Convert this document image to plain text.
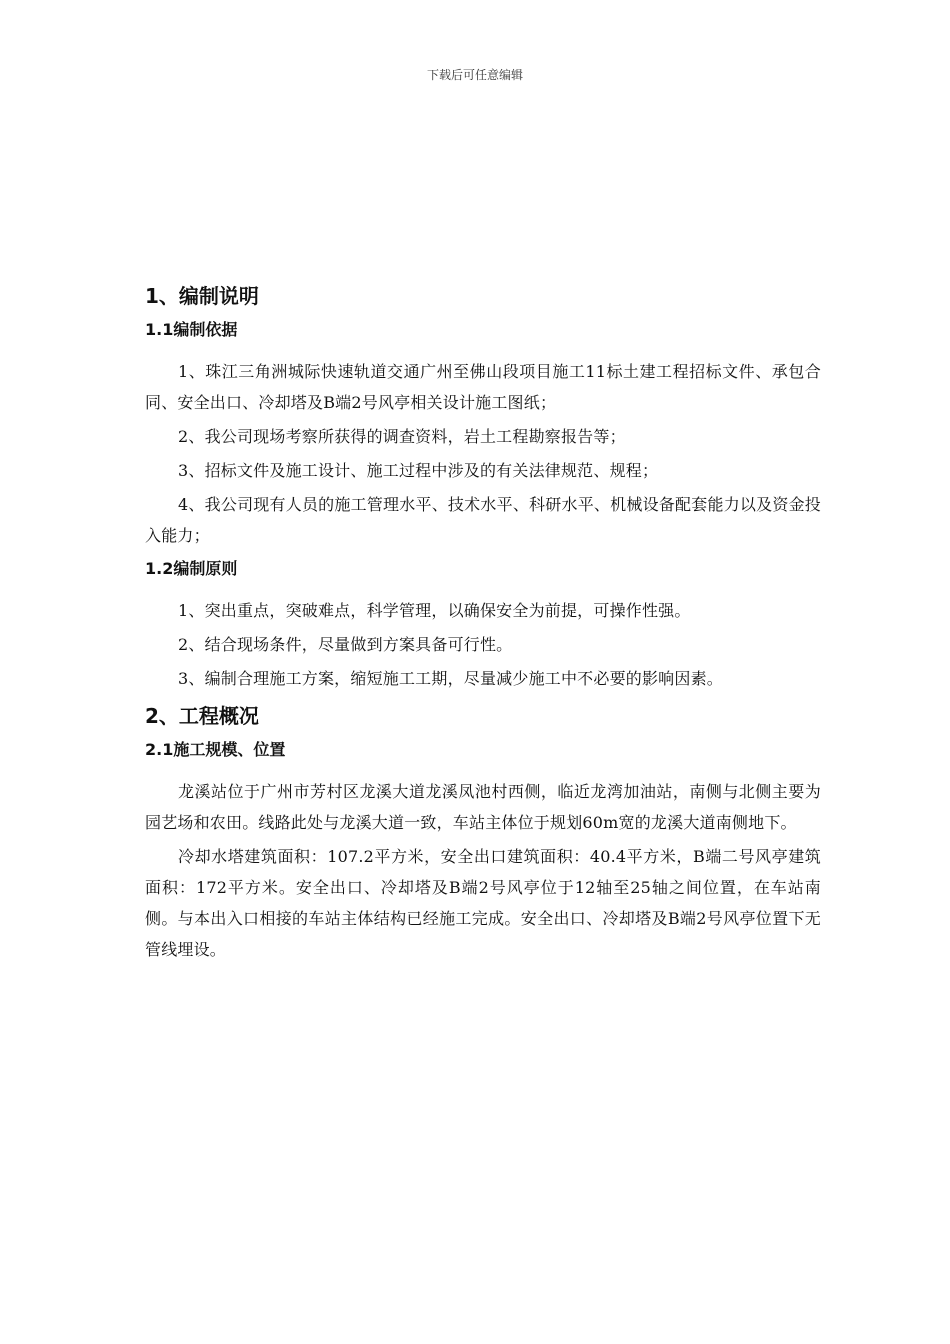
下载后可任意编辑
1、编制说明
1.1编制依据

1、珠江三角洲城际快速轨道交通广州至佛山段项目施工11标土建工程招标文件、承包合同、安全出口、冷却塔及B端2号风亭相关设计施工图纸；

2、我公司现场考察所获得的调查资料，岩土工程勘察报告等；

3、招标文件及施工设计、施工过程中涉及的有关法律规范、规程；

4、我公司现有人员的施工管理水平、技术水平、科研水平、机械设备配套能力以及资金投入能力；

1.2编制原则

1、突出重点，突破难点，科学管理，以确保安全为前提，可操作性强。

2、结合现场条件，尽量做到方案具备可行性。

3、编制合理施工方案，缩短施工工期，尽量减少施工中不必要的影响因素。

2、工程概况
2.1施工规模、位置

龙溪站位于广州市芳村区龙溪大道龙溪凤池村西侧，临近龙湾加油站，南侧与北侧主要为园艺场和农田。线路此处与龙溪大道一致，车站主体位于规划60m宽的龙溪大道南侧地下。

冷却水塔建筑面积：107.2平方米，安全出口建筑面积：40.4平方米，B端二号风亭建筑面积：172平方米。安全出口、冷却塔及B端2号风亭位于12轴至25轴之间位置，在车站南侧。与本出入口相接的车站主体结构已经施工完成。安全出口、冷却塔及B端2号风亭位置下无管线埋设。
